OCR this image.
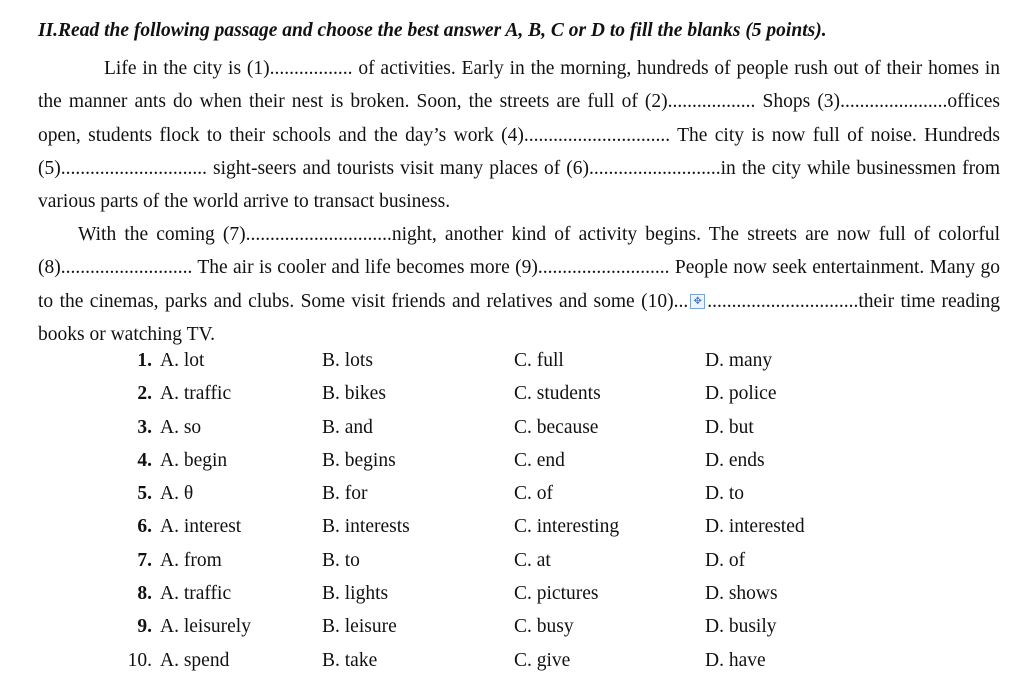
II.Read the following passage and choose the best answer A, B, C or D to fill the blanks (5 points).

Life in the city is (1)................. of activities. Early in the morning, hundreds of people rush out of their homes in the manner ants do when their nest is broken. Soon, the streets are full of (2).................. Shops (3)......................offices open, students flock to their schools and the day’s work (4).............................. The city is now full of noise. Hundreds (5).............................. sight-seers and tourists visit many places of (6)...........................in the city while businessmen from various parts of the world arrive to transact business.

With the coming (7)..............................night, another kind of activity begins. The streets are now full of colorful (8)........................... The air is cooler and life becomes more (9)........................... People now seek entertainment. Many go to the cinemas, parks and clubs. Some visit friends and relatives and some (10)... ✥ ...............................their time reading books or watching TV.

1. A. lot	B. lots	C. full	D. many
2. A. traffic	B. bikes	C. students	D. police
3. A. so	B. and	C. because	D. but
4. A. begin	B. begins	C. end	D. ends
5. A. θ	B. for	C. of	D. to
6. A. interest	B. interests	C. interesting	D. interested
7. A. from	B. to	C. at	D. of
8. A. traffic	B. lights	C. pictures	D. shows
9. A. leisurely	B. leisure	C. busy	D. busily
10. A. spend	B. take	C. give	D. have
